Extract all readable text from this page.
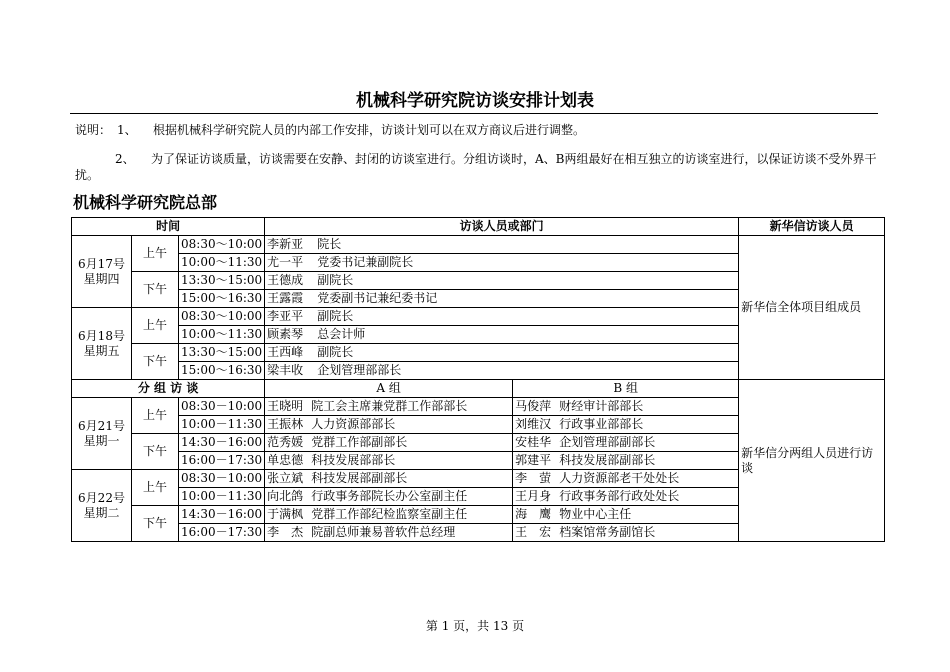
机械科学研究院访谈安排计划表
说明： 1、 根据机械科学研究院人员的内部工作安排，访谈计划可以在双方商议后进行调整。
2、 为了保证访谈质量，访谈需要在安静、封闭的访谈室进行。分组访谈时，A、B两组最好在相互独立的访谈室进行，以保证访谈不受外界干扰。
机械科学研究院总部
时间			访谈人员或部门		新华信访谈人员
6月17号
星期四	上午	08:30～10:00	李新亚 院长		新华信全体项目组成员
		10:00～11:30	尤一平 党委书记兼副院长		
	下午	13:30～15:00	王德成 副院长		
		15:00～16:30	王露霞 党委副书记兼纪委书记		
6月18号
星期五	上午	08:30～10:00	李亚平 副院长		
		10:00～11:30	顾素琴 总会计师		
	下午	13:30～15:00	王西峰 副院长		
		15:00～16:30	梁丰收 企划管理部部长		
分 组 访 谈			A 组	B 组	新华信分两组人员进行访谈
6月21号
星期一	上午	08:30－10:00	王晓明 院工会主席兼党群工作部部长	马俊萍 财经审计部部长	
		10:00－11:30	王振林 人力资源部部长	刘维汉 行政事业部部长	
	下午	14:30－16:00	范秀媛 党群工作部副部长	安桂华 企划管理部副部长	
		16:00－17:30	单忠德 科技发展部部长	郭建平 科技发展部副部长	
6月22号
星期二	上午	08:30－10:00	张立斌 科技发展部副部长	李　萤 人力资源部老干处处长	
		10:00－11:30	向北鸽 行政事务部院长办公室副主任	王月身 行政事务部行政处处长	
	下午	14:30－16:00	于满枫 党群工作部纪检监察室副主任	海　鹰 物业中心主任	
		16:00－17:30	李　杰 院副总师兼易普软件总经理	王　宏 档案馆常务副馆长	
第 1 页，共 13 页
